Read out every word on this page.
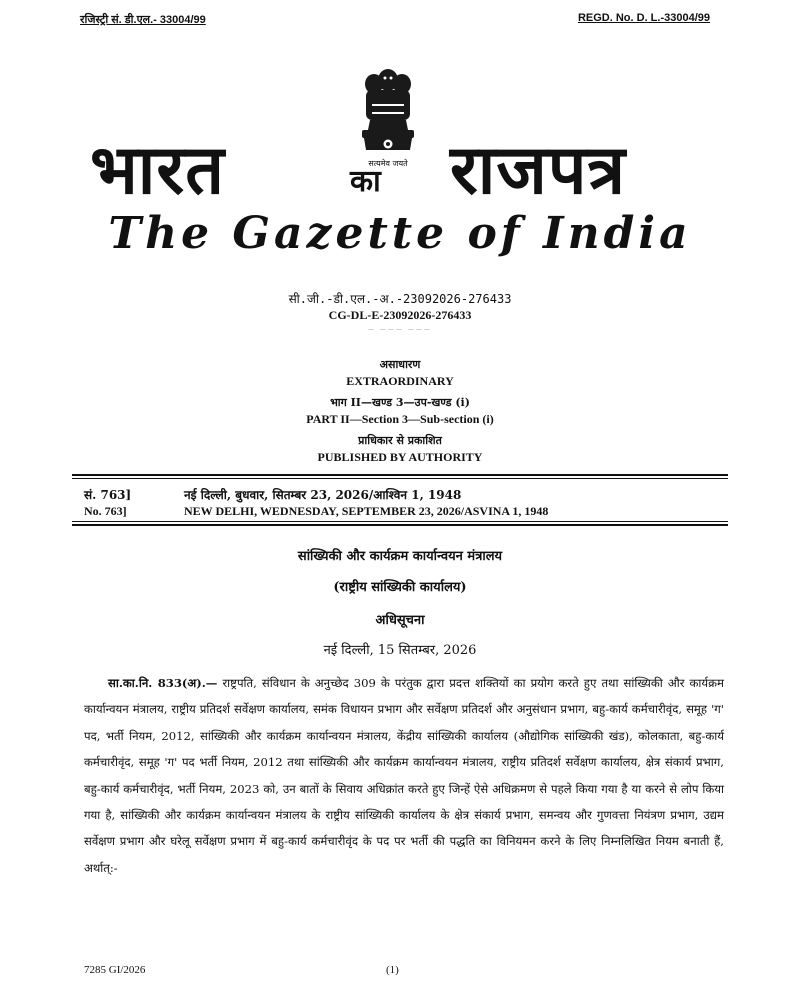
रजिस्ट्री सं. डी.एल.- 33004/99	REGD. No. D. L.-33004/99
सत्यमेव जयते
भारत	का राजपत्र
The Gazette of India
सी.जी.-डी.एल.-अ.-23092026-276433
CG-DL-E-23092026-276433
— ——— ———
असाधारण
EXTRAORDINARY
भाग II—खण्ड 3—उप-खण्ड (i)
PART II—Section 3—Sub-section (i)
प्राधिकार से प्रकाशित
PUBLISHED BY AUTHORITY
सं. 763]	नई दिल्ली, बुधवार, सितम्बर 23, 2026/आश्विन 1, 1948
No. 763]	NEW DELHI, WEDNESDAY, SEPTEMBER 23, 2026/ASVINA 1, 1948
सांख्यिकी और कार्यक्रम कार्यान्वयन मंत्रालय
(राष्ट्रीय सांख्यिकी कार्यालय)
अधिसूचना
नई दिल्ली, 15 सितम्बर, 2026
सा.का.नि. 833(अ).— राष्ट्रपति, संविधान के अनुच्छेद 309 के परंतुक द्वारा प्रदत्त शक्तियों का प्रयोग करते हुए तथा सांख्यिकी और कार्यक्रम कार्यान्वयन मंत्रालय, राष्ट्रीय प्रतिदर्श सर्वेक्षण कार्यालय, समंक विधायन प्रभाग और सर्वेक्षण प्रतिदर्श और अनुसंधान प्रभाग, बहु-कार्य कर्मचारीवृंद, समूह 'ग' पद, भर्ती नियम, 2012, सांख्यिकी और कार्यक्रम कार्यान्वयन मंत्रालय, केंद्रीय सांख्यिकी कार्यालय (औद्योगिक सांख्यिकी खंड), कोलकाता, बहु-कार्य कर्मचारीवृंद, समूह 'ग' पद भर्ती नियम, 2012 तथा सांख्यिकी और कार्यक्रम कार्यान्वयन मंत्रालय, राष्ट्रीय प्रतिदर्श सर्वेक्षण कार्यालय, क्षेत्र संकार्य प्रभाग, बहु-कार्य कर्मचारीवृंद, भर्ती नियम, 2023 को, उन बातों के सिवाय अधिक्रांत करते हुए जिन्हें ऐसे अधिक्रमण से पहले किया गया है या करने से लोप किया गया है, सांख्यिकी और कार्यक्रम कार्यान्वयन मंत्रालय के राष्ट्रीय सांख्यिकी कार्यालय के क्षेत्र संकार्य प्रभाग, समन्वय और गुणवत्ता नियंत्रण प्रभाग, उद्यम सर्वेक्षण प्रभाग और घरेलू सर्वेक्षण प्रभाग में बहु-कार्य कर्मचारीवृंद के पद पर भर्ती की पद्धति का विनियमन करने के लिए निम्नलिखित नियम बनाती हैं, अर्थात्:-
7285 GI/2026	(1)
